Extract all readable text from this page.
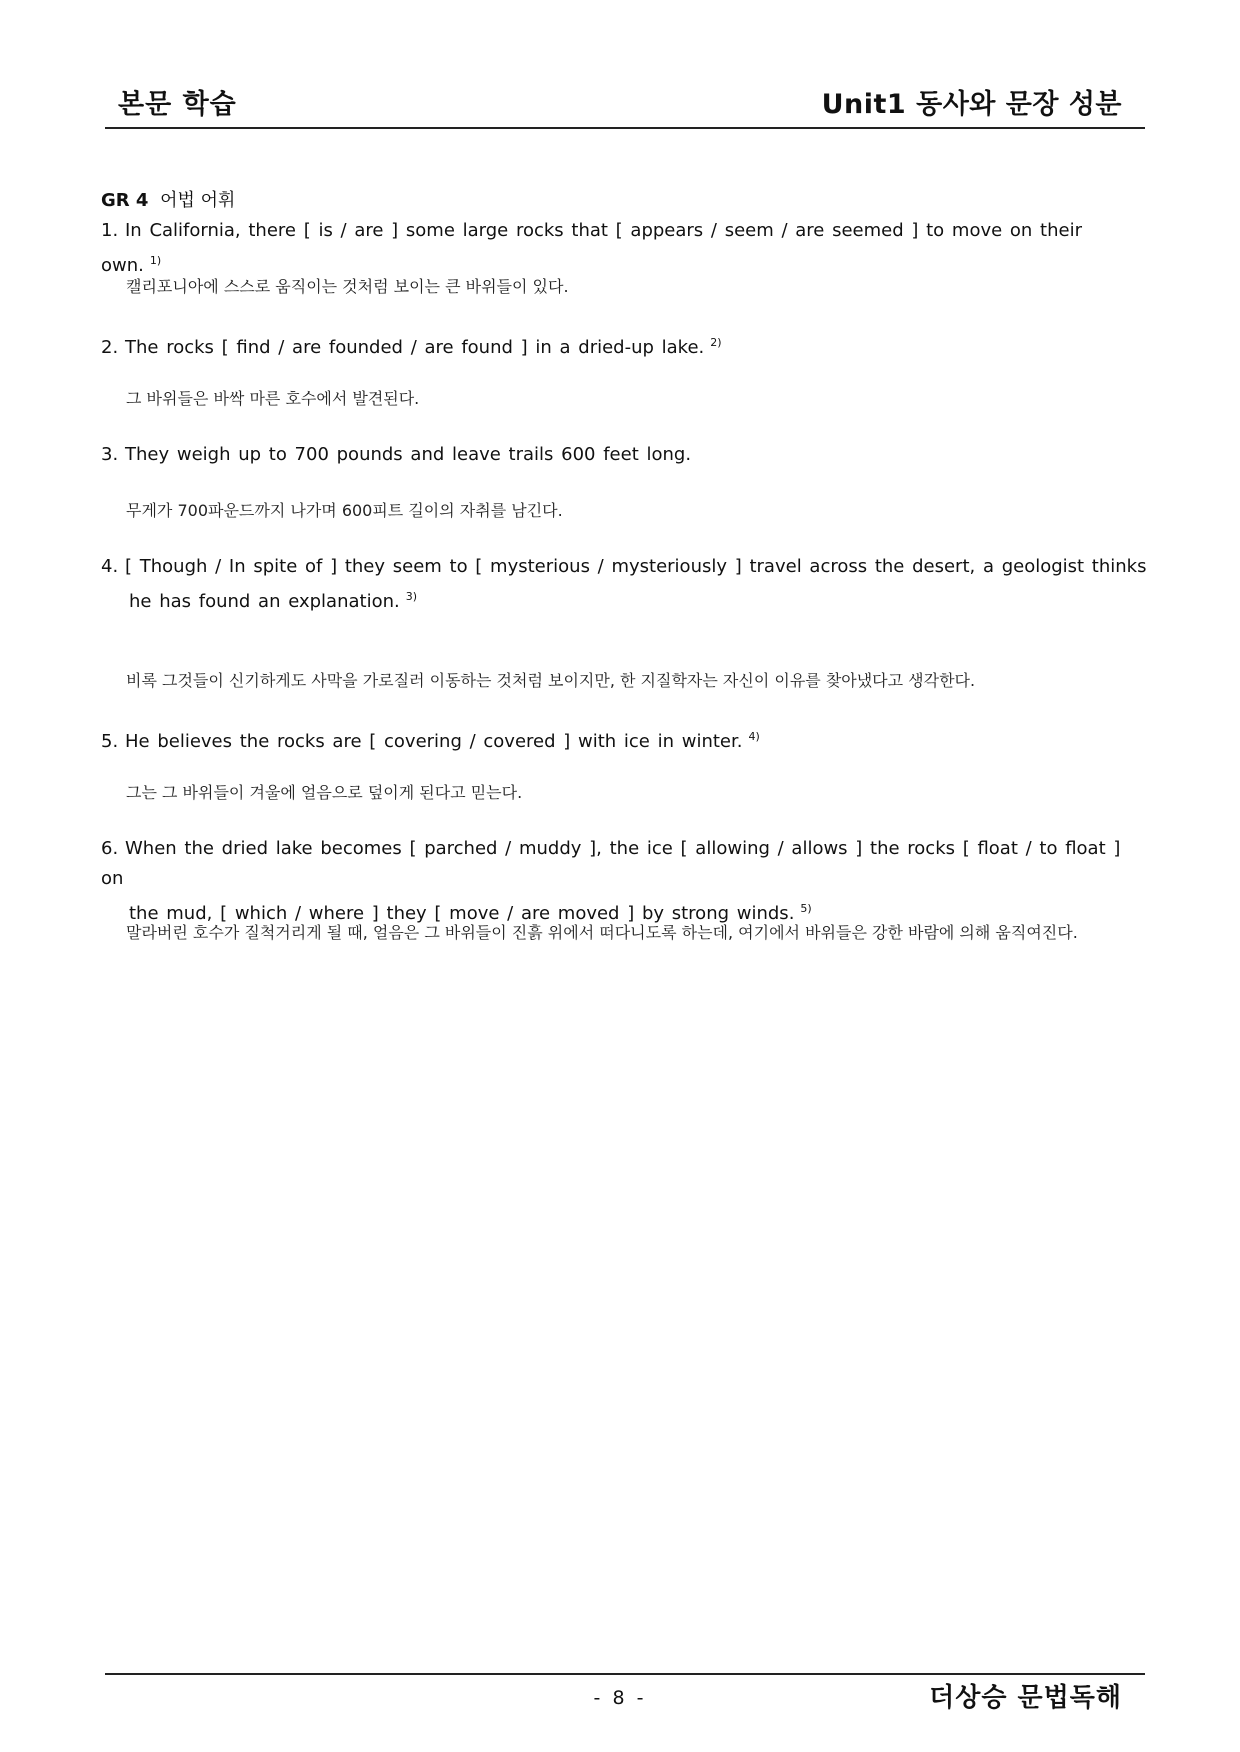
본문 학습	Unit1 동사와 문장 성분
GR 4 어법 어휘
1. In California, there [ is / are ] some large rocks that [ appears / seem / are seemed ] to move on their own. $^{1)}$
캘리포니아에 스스로 움직이는 것처럼 보이는 큰 바위들이 있다.
2. The rocks [ find / are founded / are found ] in a dried-up lake. $^{2)}$
그 바위들은 바싹 마른 호수에서 발견된다.
3. They weigh up to 700 pounds and leave trails 600 feet long.
무게가 700파운드까지 나가며 600피트 길이의 자취를 남긴다.
4. [ Though / In spite of ] they seem to [ mysterious / mysteriously ] travel across the desert, a geologist thinks
he has found an explanation. $^{3)}$
비록 그것들이 신기하게도 사막을 가로질러 이동하는 것처럼 보이지만, 한 지질학자는 자신이 이유를 찾아냈다고 생각한다.
5. He believes the rocks are [ covering / covered ] with ice in winter. $^{4)}$
그는 그 바위들이 겨울에 얼음으로 덮이게 된다고 믿는다.
6. When the dried lake becomes [ parched / muddy ], the ice [ allowing / allows ] the rocks [ float / to float ] on
the mud, [ which / where ] they [ move / are moved ] by strong winds. $^{5)}$
말라버린 호수가 질척거리게 될 때, 얼음은 그 바위들이 진흙 위에서 떠다니도록 하는데, 여기에서 바위들은 강한 바람에 의해 움직여진다.
- 8 -	더상승 문법독해
